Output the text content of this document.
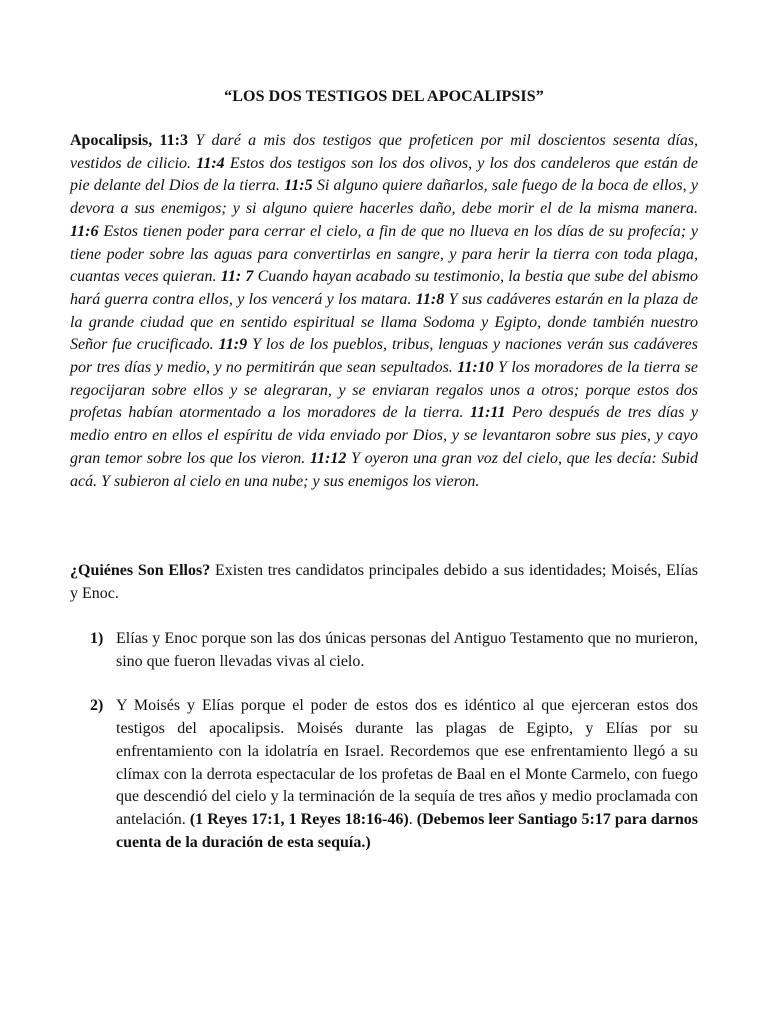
“LOS DOS TESTIGOS DEL APOCALIPSIS”

Apocalipsis, 11:3 Y daré a mis dos testigos que profeticen por mil doscientos sesenta días, vestidos de cilicio. 11:4 Estos dos testigos son los dos olivos, y los dos candeleros que están de pie delante del Dios de la tierra. 11:5 Si alguno quiere dañarlos, sale fuego de la boca de ellos, y devora a sus enemigos; y si alguno quiere hacerles daño, debe morir el de la misma manera. 11:6 Estos tienen poder para cerrar el cielo, a fin de que no llueva en los días de su profecía; y tiene poder sobre las aguas para convertirlas en sangre, y para herir la tierra con toda plaga, cuantas veces quieran. 11: 7 Cuando hayan acabado su testimonio, la bestia que sube del abismo hará guerra contra ellos, y los vencerá y los matara. 11:8 Y sus cadáveres estarán en la plaza de la grande ciudad que en sentido espiritual se llama Sodoma y Egipto, donde también nuestro Señor fue crucificado. 11:9 Y los de los pueblos, tribus, lenguas y naciones verán sus cadáveres por tres días y medio, y no permitirán que sean sepultados. 11:10 Y los moradores de la tierra se regocijaran sobre ellos y se alegraran, y se enviaran regalos unos a otros; porque estos dos profetas habían atormentado a los moradores de la tierra. 11:11 Pero después de tres días y medio entro en ellos el espíritu de vida enviado por Dios, y se levantaron sobre sus pies, y cayo gran temor sobre los que los vieron. 11:12 Y oyeron una gran voz del cielo, que les decía: Subid acá. Y subieron al cielo en una nube; y sus enemigos los vieron.

¿Quiénes Son Ellos? Existen tres candidatos principales debido a sus identidades; Moisés, Elías y Enoc.

1) Elías y Enoc porque son las dos únicas personas del Antiguo Testamento que no murieron, sino que fueron llevadas vivas al cielo.
2) Y Moisés y Elías porque el poder de estos dos es idéntico al que ejerceran estos dos testigos del apocalipsis. Moisés durante las plagas de Egipto, y Elías por su enfrentamiento con la idolatría en Israel. Recordemos que ese enfrentamiento llegó a su clímax con la derrota espectacular de los profetas de Baal en el Monte Carmelo, con fuego que descendió del cielo y la terminación de la sequía de tres años y medio proclamada con antelación. (1 Reyes 17:1, 1 Reyes 18:16-46). (Debemos leer Santiago 5:17 para darnos cuenta de la duración de esta sequía.)
